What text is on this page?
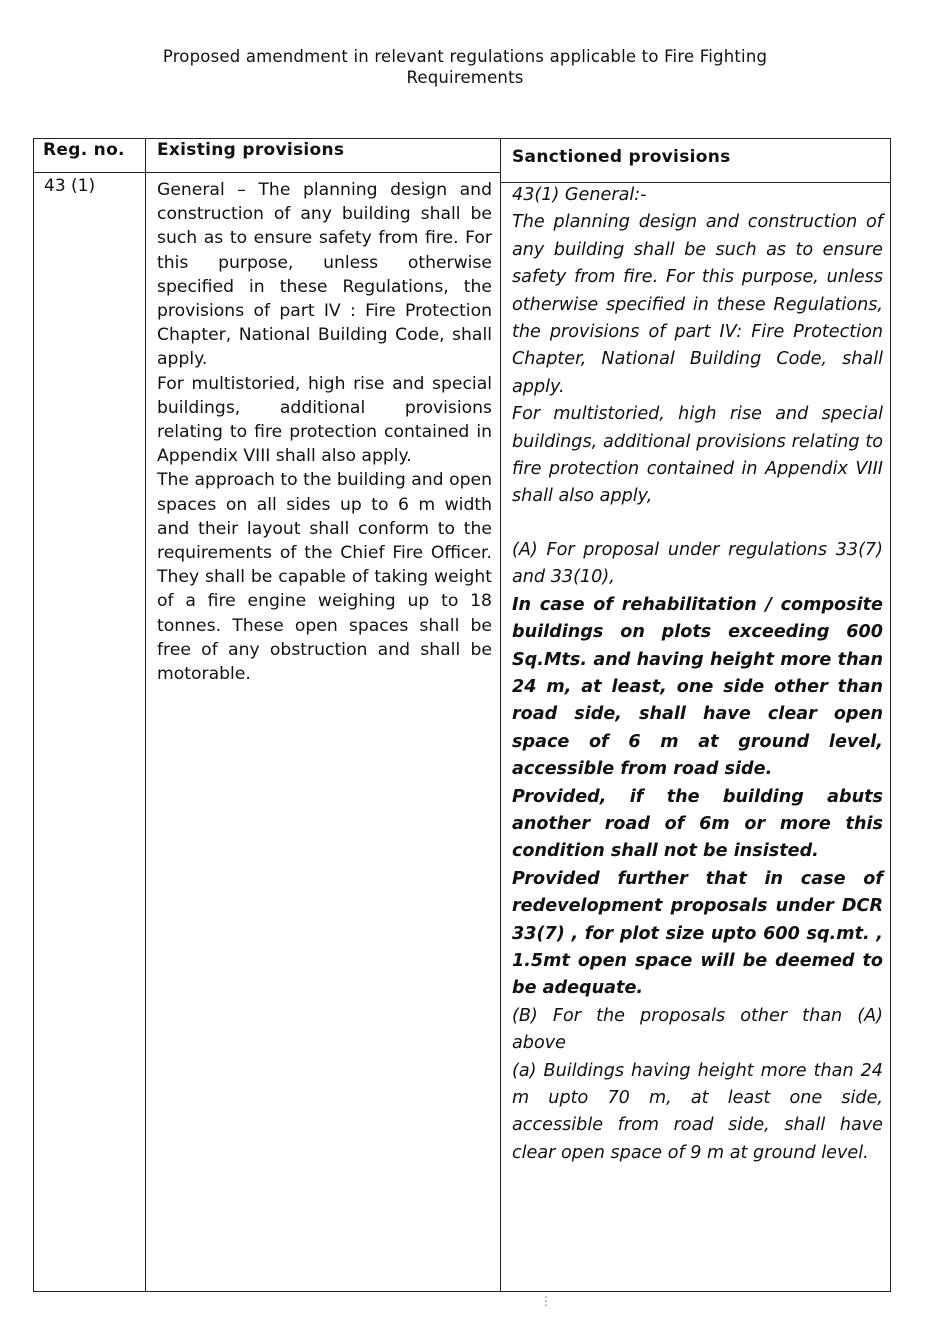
Proposed amendment in relevant regulations applicable to Fire Fighting
Requirements
Reg. no. Existing provisions	Sanctioned provisions
43 (1)	General – The planning design and construction of any building shall be such as to ensure safety from fire. For this purpose, unless otherwise specified in these Regulations, the provisions of part IV : Fire Protection Chapter, National Building Code, shall apply.

For multistoried, high rise and special buildings, additional provisions relating to fire protection contained in Appendix VIII shall also apply.

The approach to the building and open spaces on all sides up to 6 m width and their layout shall conform to the requirements of the Chief Fire Officer. They shall be capable of taking weight of a fire engine weighing up to 18 tonnes. These open spaces shall be free of any obstruction and shall be motorable.

43(1) General:-

The planning design and construction of any building shall be such as to ensure safety from fire. For this purpose, unless otherwise specified in these Regulations, the provisions of part IV: Fire Protection Chapter, National Building Code, shall apply.

For multistoried, high rise and special buildings, additional provisions relating to fire protection contained in Appendix VIII shall also apply,

(A) For proposal under regulations 33(7) and 33(10),

In case of rehabilitation / composite buildings on plots exceeding 600 Sq.Mts. and having height more than 24 m, at least, one side other than road side, shall have clear open space of 6 m at ground level, accessible from road side.

Provided, if the building abuts another road of 6m or more this condition shall not be insisted.

Provided further that in case of redevelopment proposals under DCR 33(7) , for plot size upto 600 sq.mt. , 1.5mt open space will be deemed to be adequate.

(B) For the proposals other than (A) above

(a) Buildings having height more than 24 m upto 70 m, at least one side, accessible from road side, shall have clear open space of 9 m at ground level.

⋮
